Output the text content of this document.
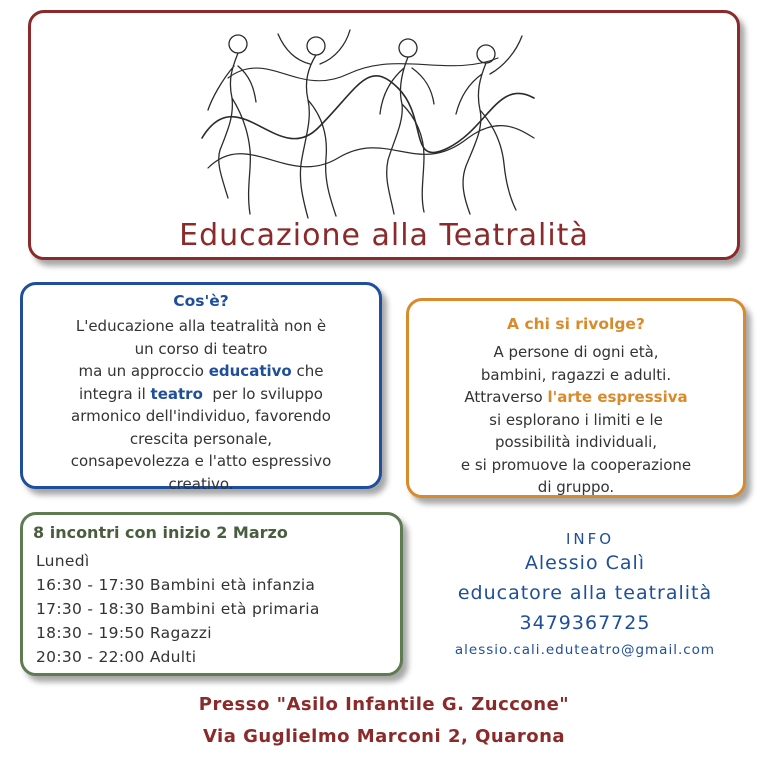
Educazione alla Teatralità
Cos'è?
L'educazione alla teatralità non è
un corso di teatro
ma un approccio educativo che
integra il teatro  per lo sviluppo
armonico dell'individuo, favorendo
crescita personale,
consapevolezza e l'atto espressivo
creativo.
A chi si rivolge?
A persone di ogni età,
bambini, ragazzi e adulti.
Attraverso l'arte espressiva
si esplorano i limiti e le
possibilità individuali,
e si promuove la cooperazione
di gruppo.
8 incontri con inizio 2 Marzo
Lunedì
16:30 - 17:30 Bambini età infanzia
17:30 - 18:30 Bambini età primaria
18:30 - 19:50 Ragazzi
20:30 - 22:00 Adulti
INFO
Alessio Calì
educatore alla teatralità
3479367725
alessio.cali.eduteatro@gmail.com
Presso "Asilo Infantile G. Zuccone"
Via Guglielmo Marconi 2, Quarona
